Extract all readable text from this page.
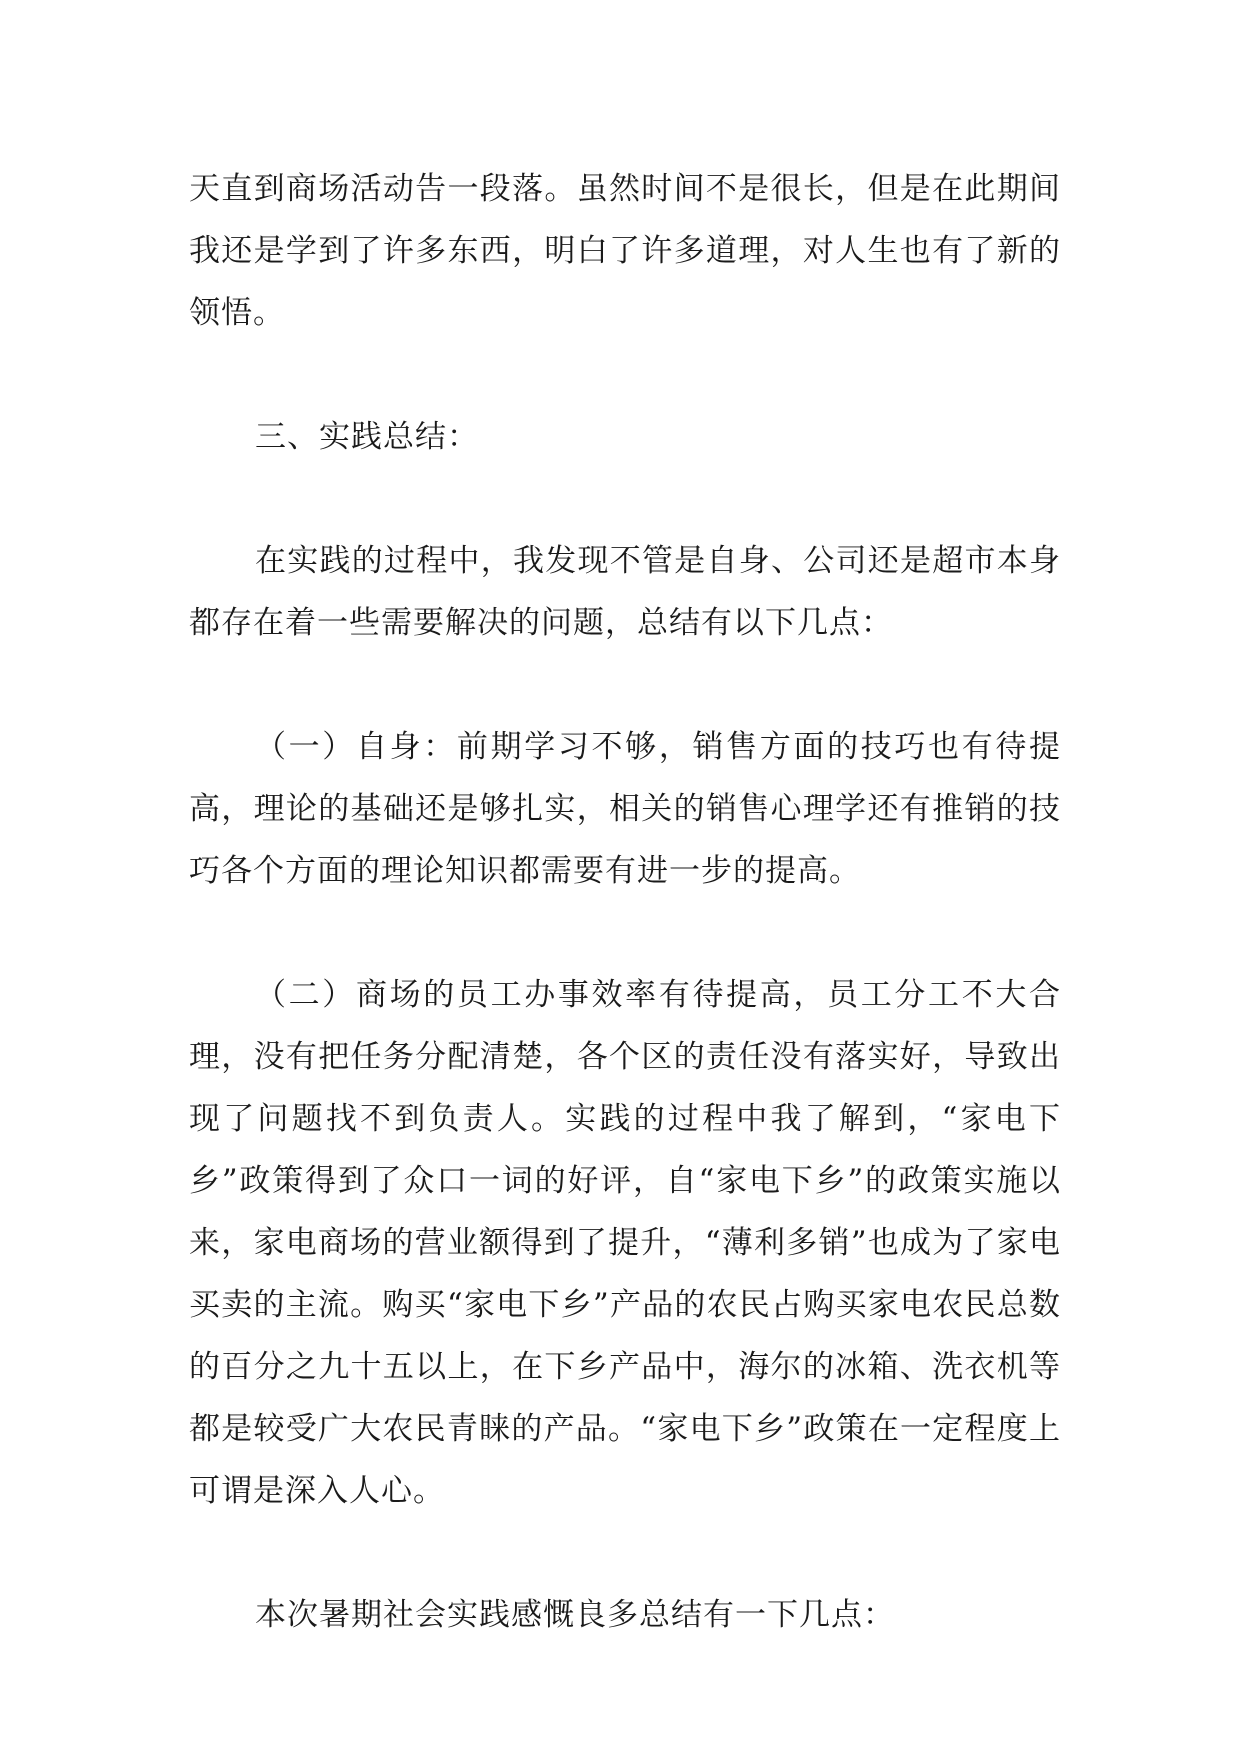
天直到商场活动告一段落。虽然时间不是很长，但是在此期间我还是学到了许多东西，明白了许多道理，对人生也有了新的领悟。

三、实践总结：

在实践的过程中，我发现不管是自身、公司还是超市本身都存在着一些需要解决的问题，总结有以下几点：

（一）自身：前期学习不够，销售方面的技巧也有待提高，理论的基础还是够扎实，相关的销售心理学还有推销的技巧各个方面的理论知识都需要有进一步的提高。

（二）商场的员工办事效率有待提高，员工分工不大合理，没有把任务分配清楚，各个区的责任没有落实好，导致出现了问题找不到负责人。实践的过程中我了解到，“家电下乡”政策得到了众口一词的好评，自“家电下乡”的政策实施以来，家电商场的营业额得到了提升，“薄利多销”也成为了家电买卖的主流。购买“家电下乡”产品的农民占购买家电农民总数的百分之九十五以上，在下乡产品中，海尔的冰箱、洗衣机等都是较受广大农民青睐的产品。“家电下乡”政策在一定程度上可谓是深入人心。

本次暑期社会实践感慨良多总结有一下几点：
